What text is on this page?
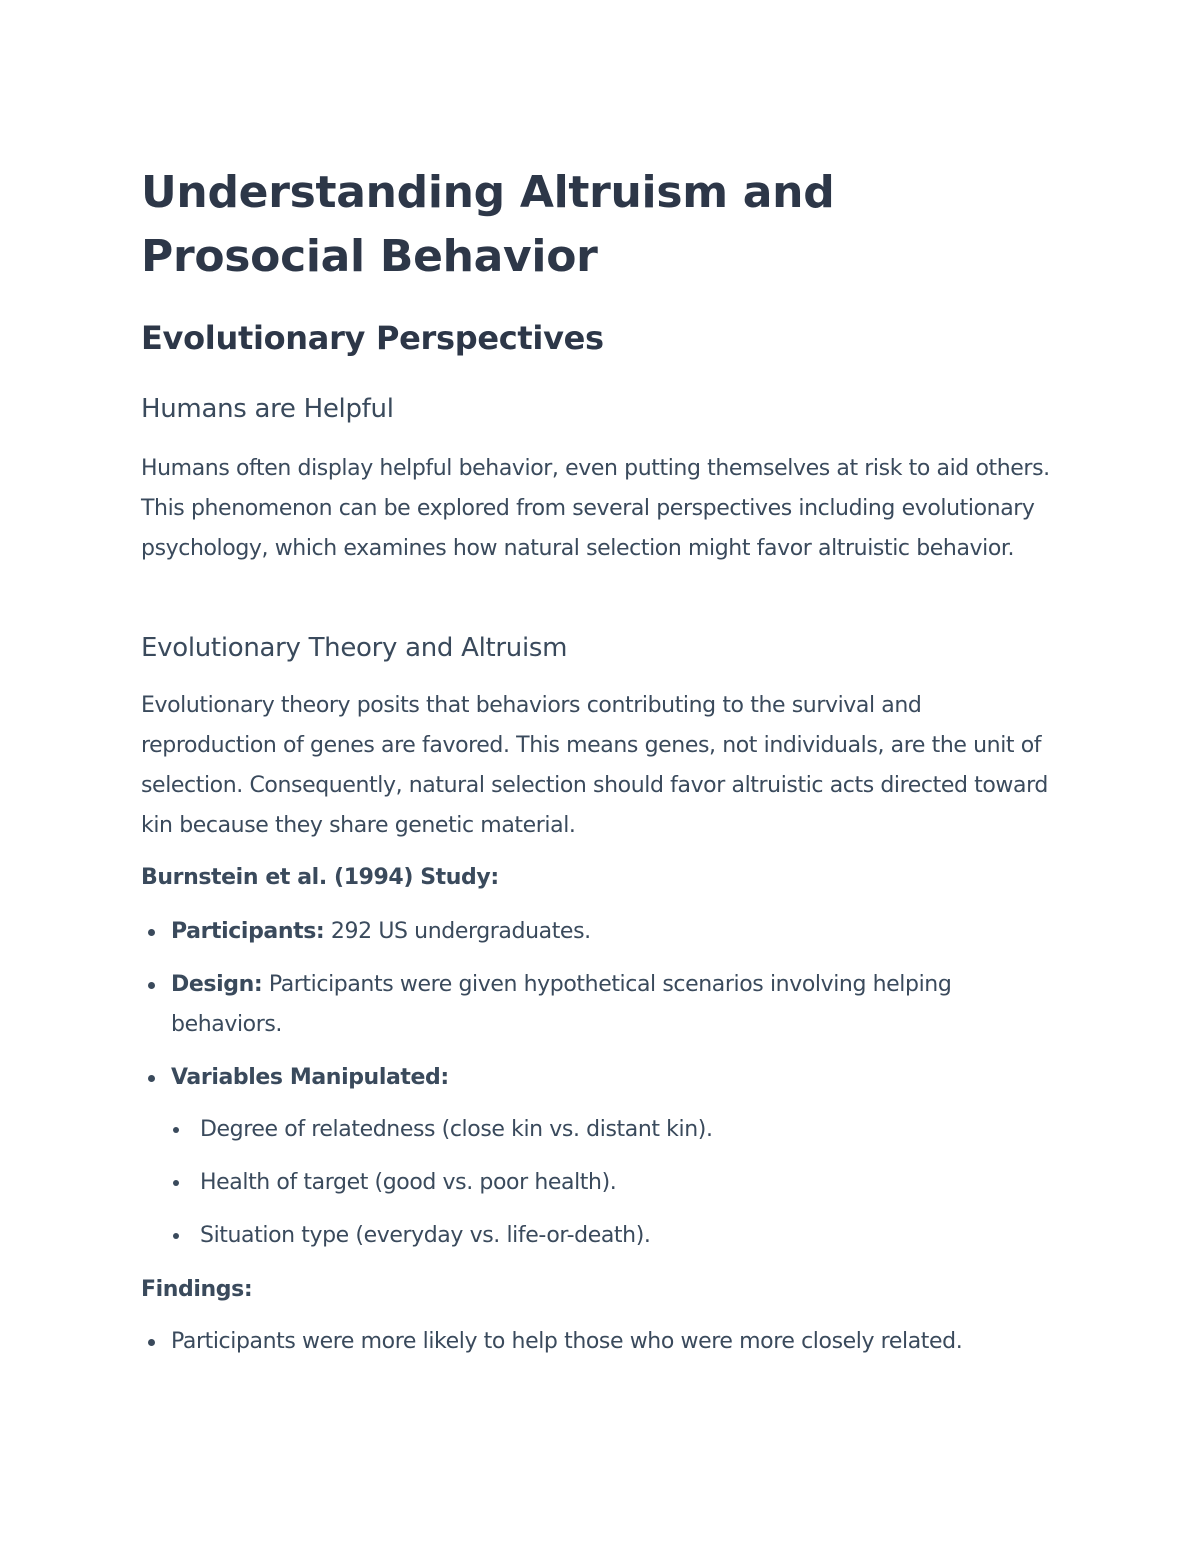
Understanding Altruism and Prosocial Behavior
Evolutionary Perspectives
Humans are Helpful

Humans often display helpful behavior, even putting themselves at risk to aid others. This phenomenon can be explored from several perspectives including evolutionary psychology, which examines how natural selection might favor altruistic behavior.

Evolutionary Theory and Altruism

Evolutionary theory posits that behaviors contributing to the survival and reproduction of genes are favored. This means genes, not individuals, are the unit of selection. Consequently, natural selection should favor altruistic acts directed toward kin because they share genetic material.

Burnstein et al. (1994) Study:

Participants: 292 US undergraduates.
Design: Participants were given hypothetical scenarios involving helping behaviors.
Variables Manipulated:
Degree of relatedness (close kin vs. distant kin).
Health of target (good vs. poor health).
Situation type (everyday vs. life-or-death).

Findings:

Participants were more likely to help those who were more closely related.
